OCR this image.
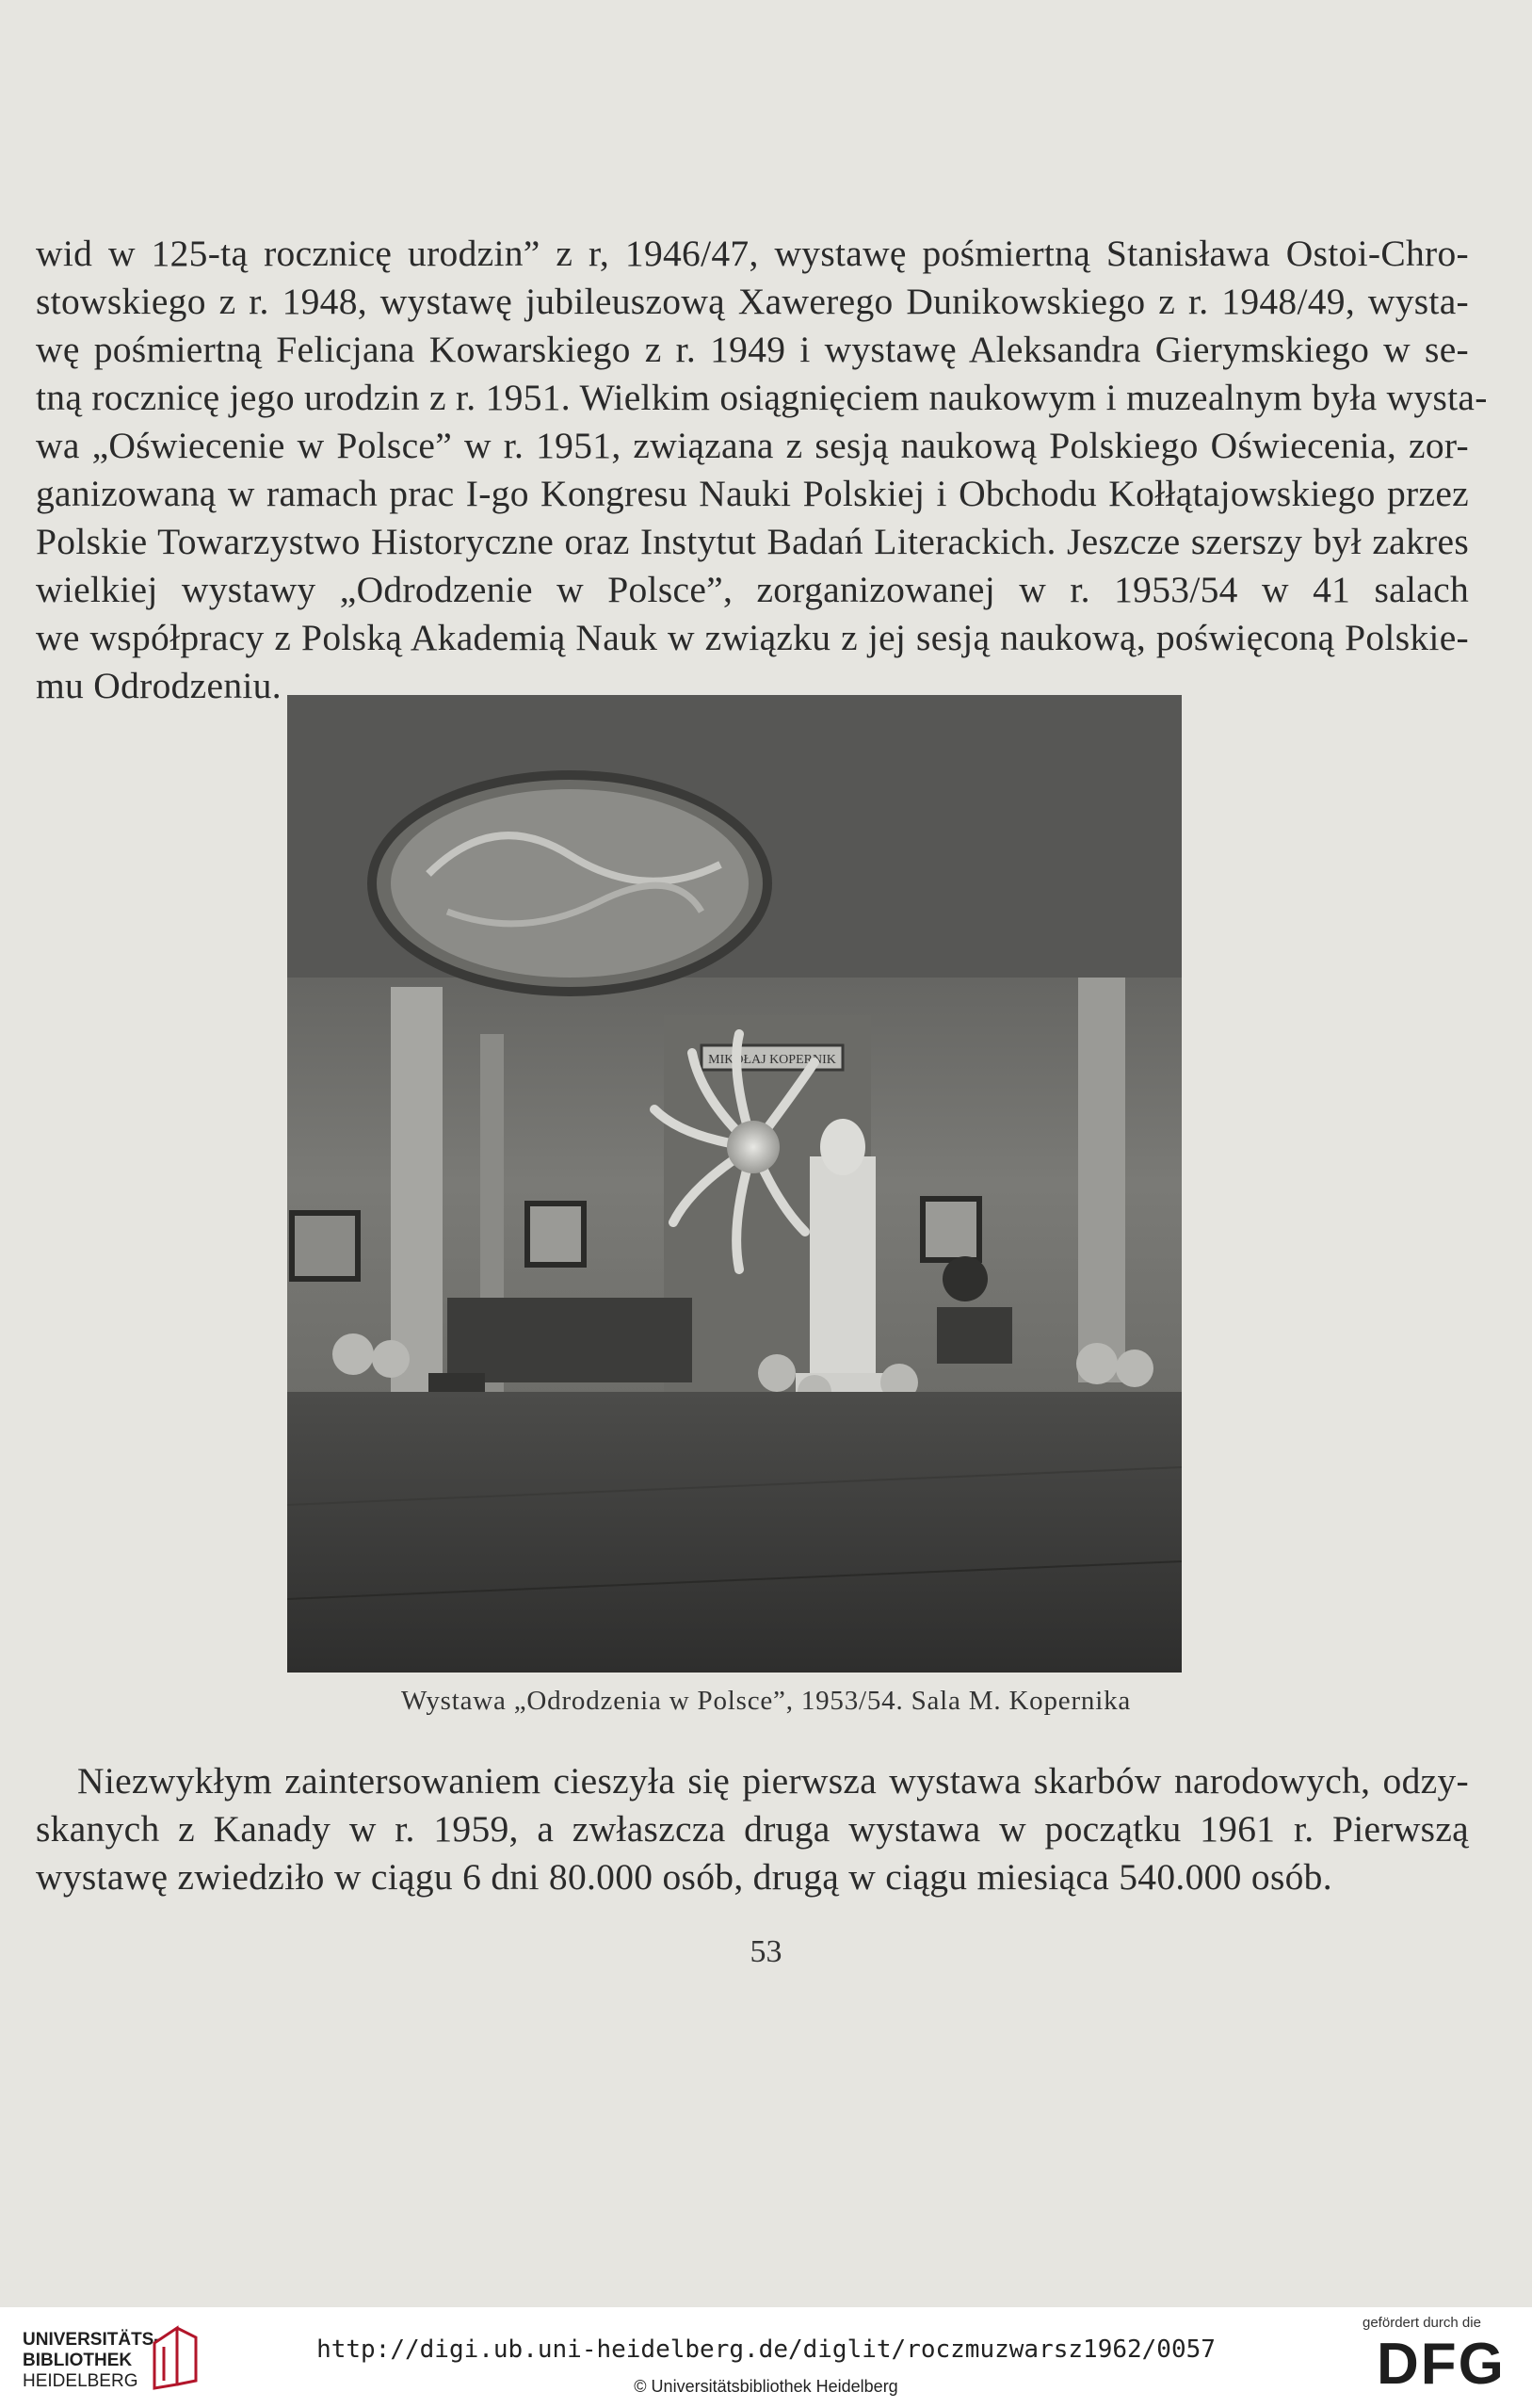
wid w 125-tą rocznicę urodzin” z r, 1946/47, wystawę pośmiertną Stanisława Ostoi-Chro-
stowskiego z r. 1948, wystawę jubileuszową Xawerego Dunikowskiego z r. 1948/49, wysta-
wę pośmiertną Felicjana Kowarskiego z r. 1949 i wystawę Aleksandra Gierymskiego w se-
tną rocznicę jego urodzin z r. 1951. Wielkim osiągnięciem naukowym i muzealnym była wysta-
wa „Oświecenie w Polsce” w r. 1951, związana z sesją naukową Polskiego Oświecenia, zor-
ganizowaną w ramach prac I-go Kongresu Nauki Polskiej i Obchodu Kołłątajowskiego przez
Polskie Towarzystwo Historyczne oraz Instytut Badań Literackich. Jeszcze szerszy był zakres
wielkiej wystawy „Odrodzenie w Polsce”, zorganizowanej w r. 1953/54 w 41 salach
we współpracy z Polską Akademią Nauk w związku z jej sesją naukową, poświęconą Polskie-
mu Odrodzeniu.
MIKOŁAJ KOPERNIK
Wystawa „Odrodzenia w Polsce”, 1953/54. Sala M. Kopernika
Niezwykłym zaintersowaniem cieszyła się pierwsza wystawa skarbów narodowych, odzy-
skanych z Kanady w r. 1959, a zwłaszcza druga wystawa w początku 1961 r. Pierwszą
wystawę zwiedziło w ciągu 6 dni 80.000 osób, drugą w ciągu miesiąca 540.000 osób.
53
UNIVERSITÄTS-
BIBLIOTHEK
HEIDELBERG
http://digi.ub.uni-heidelberg.de/diglit/roczmuzwarsz1962/0057
© Universitätsbibliothek Heidelberg
gefördert durch die
DFG
